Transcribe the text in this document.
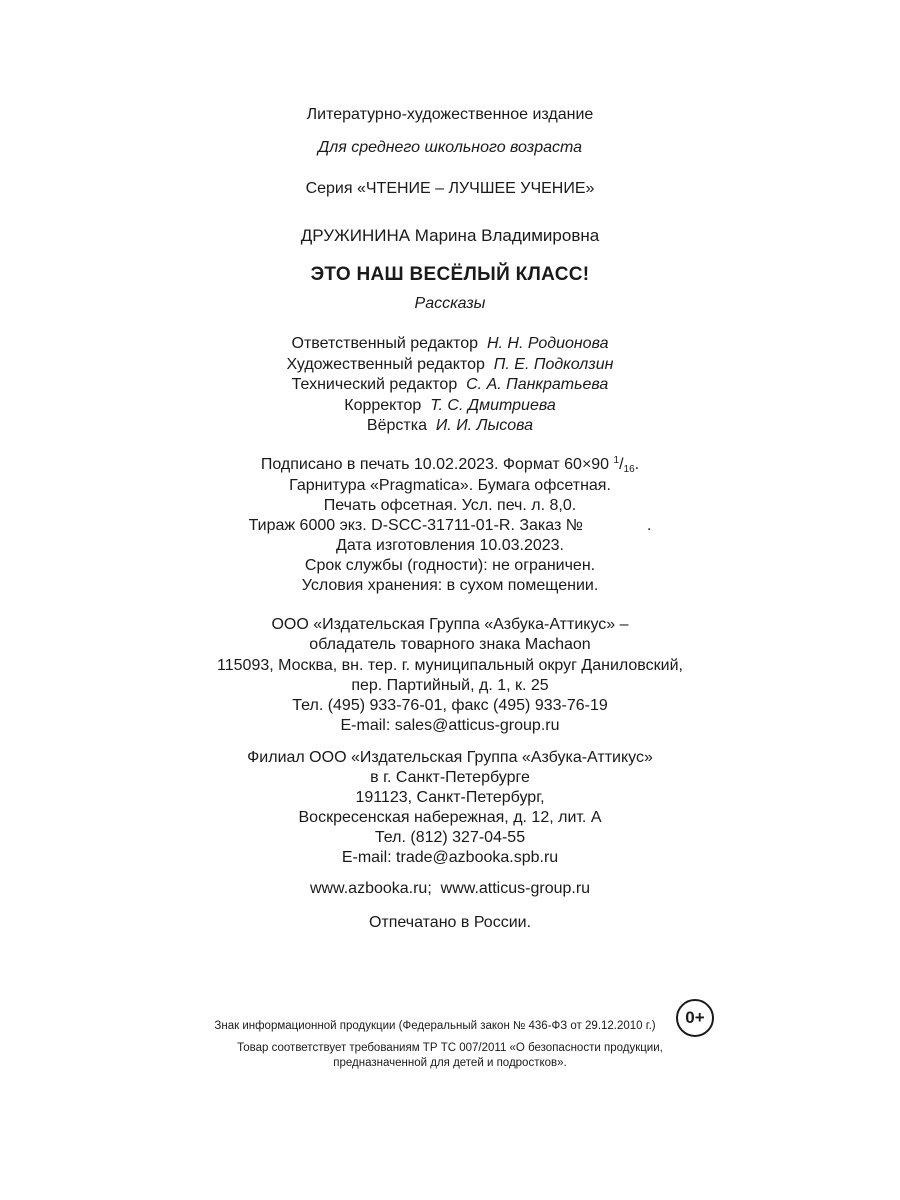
Литературно-художественное издание
Для среднего школьного возраста
Серия «ЧТЕНИЕ – ЛУЧШЕЕ УЧЕНИЕ»
ДРУЖИНИНА Марина Владимировна
ЭТО НАШ ВЕСЁЛЫЙ КЛАСС!
Рассказы
Ответственный редактор Н. Н. Родионова
Художественный редактор П. Е. Подколзин
Технический редактор С. А. Панкратьева
Корректор Т. С. Дмитриева
Вёрстка И. И. Лысова
Подписано в печать 10.02.2023. Формат 60×90 $^1$/16.
Гарнитура «Pragmatica». Бумага офсетная.
Печать офсетная. Усл. печ. л. 8,0.
Тираж 6000 экз. D-SCC-31711-01-R. Заказ №	.
Дата изготовления 10.03.2023.
Срок службы (годности): не ограничен.
Условия хранения: в сухом помещении.
ООО «Издательская Группа «Азбука-Аттикус» –
обладатель товарного знака Machaon
115093, Москва, вн. тер. г. муниципальный округ Даниловский,
пер. Партийный, д. 1, к. 25
Тел. (495) 933-76-01, факс (495) 933-76-19
E-mail: sales@atticus-group.ru
Филиал ООО «Издательская Группа «Азбука-Аттикус»
в г. Санкт-Петербурге
191123, Санкт-Петербург,
Воскресенская набережная, д. 12, лит. А
Тел. (812) 327-04-55
E-mail: trade@azbooka.spb.ru
www.azbooka.ru;  www.atticus-group.ru
Отпечатано в России.
Знак информационной продукции (Федеральный закон № 436-ФЗ от 29.12.2010 г.)	0+
Товар соответствует требованиям ТР ТС 007/2011 «О безопасности продукции,
предназначенной для детей и подростков».
